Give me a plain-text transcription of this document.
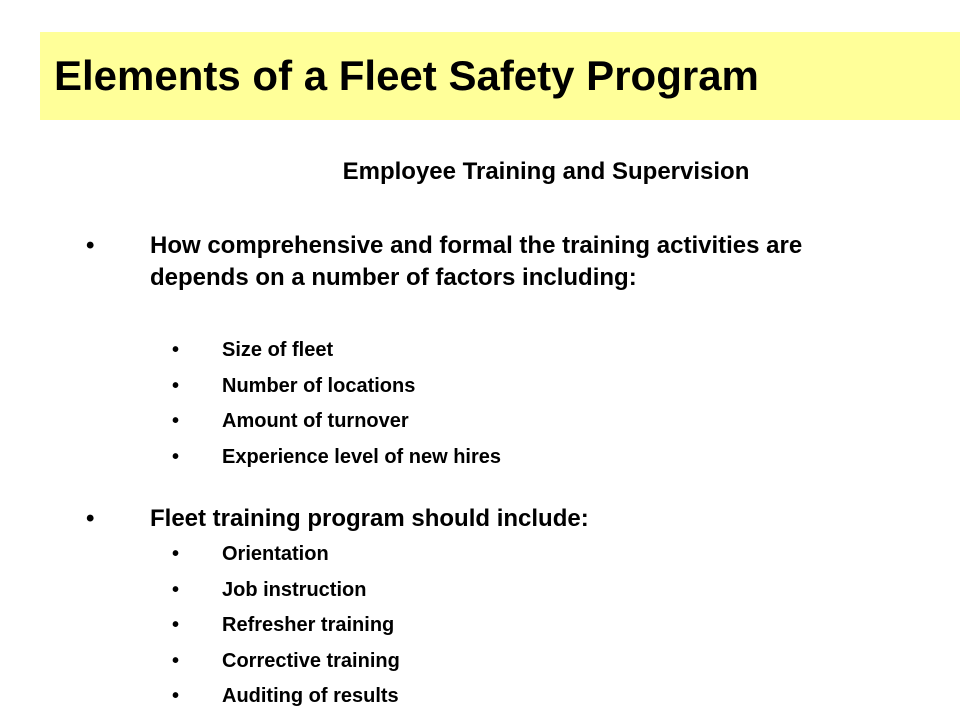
Elements of a Fleet Safety Program
Employee Training and Supervision
• How comprehensive and formal the training activities are depends on a number of factors including:
• Size of fleet
• Number of locations
• Amount of turnover
• Experience level of new hires
• Fleet training program should include:
• Orientation
• Job instruction
• Refresher training
• Corrective training
• Auditing of results
